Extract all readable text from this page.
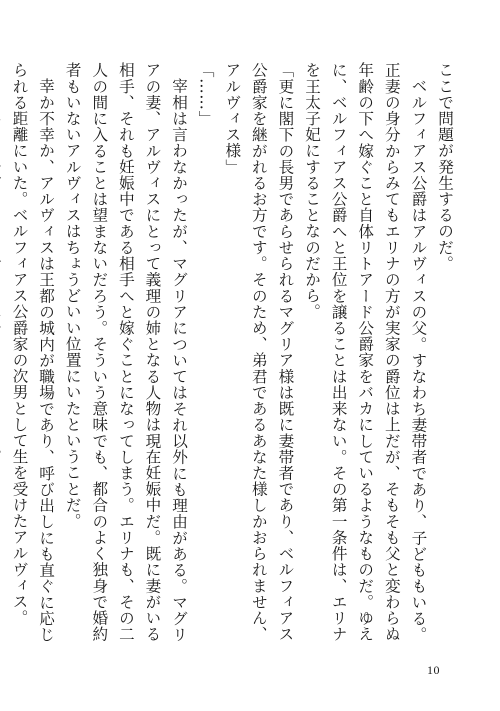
ここで問題が発生するのだ。

ベルフィアス公爵はアルヴィスの父。すなわち妻帯者であり、子どももいる。正妻の身分からみてもエリナの方が実家の爵位は上だが、そもそも父と変わらぬ年齢の下へ嫁ぐこと自体リトアード公爵家をバカにしているようなものだ。ゆえに、ベルフィアス公爵へと王位を譲ることは出来ない。その第一条件は、エリナを王太子妃にすることなのだから。

「更に閣下の長男であらせられるマグリア様は既に妻帯者であり、ベルフィアス公爵家を継がれるお方です。そのため、弟君であるあなた様しかおられません、アルヴィス様」

「……」

宰相は言わなかったが、マグリアについてはそれ以外にも理由がある。マグリアの妻、アルヴィスにとって義理の姉となる人物は現在妊娠中だ。既に妻がいる相手、それも妊娠中である相手へと嫁ぐことになってしまう。エリナも、その二人の間に入ることは望まないだろう。そういう意味でも、都合のよく独身で婚約者もいないアルヴィスはちょうどいい位置にいたということだ。

幸か不幸か、アルヴィスは王都の城内が職場であり、呼び出しにも直ぐに応じられる距離にいた。ベルフィアス公爵家の次男として生を受けたアルヴィス。

10
